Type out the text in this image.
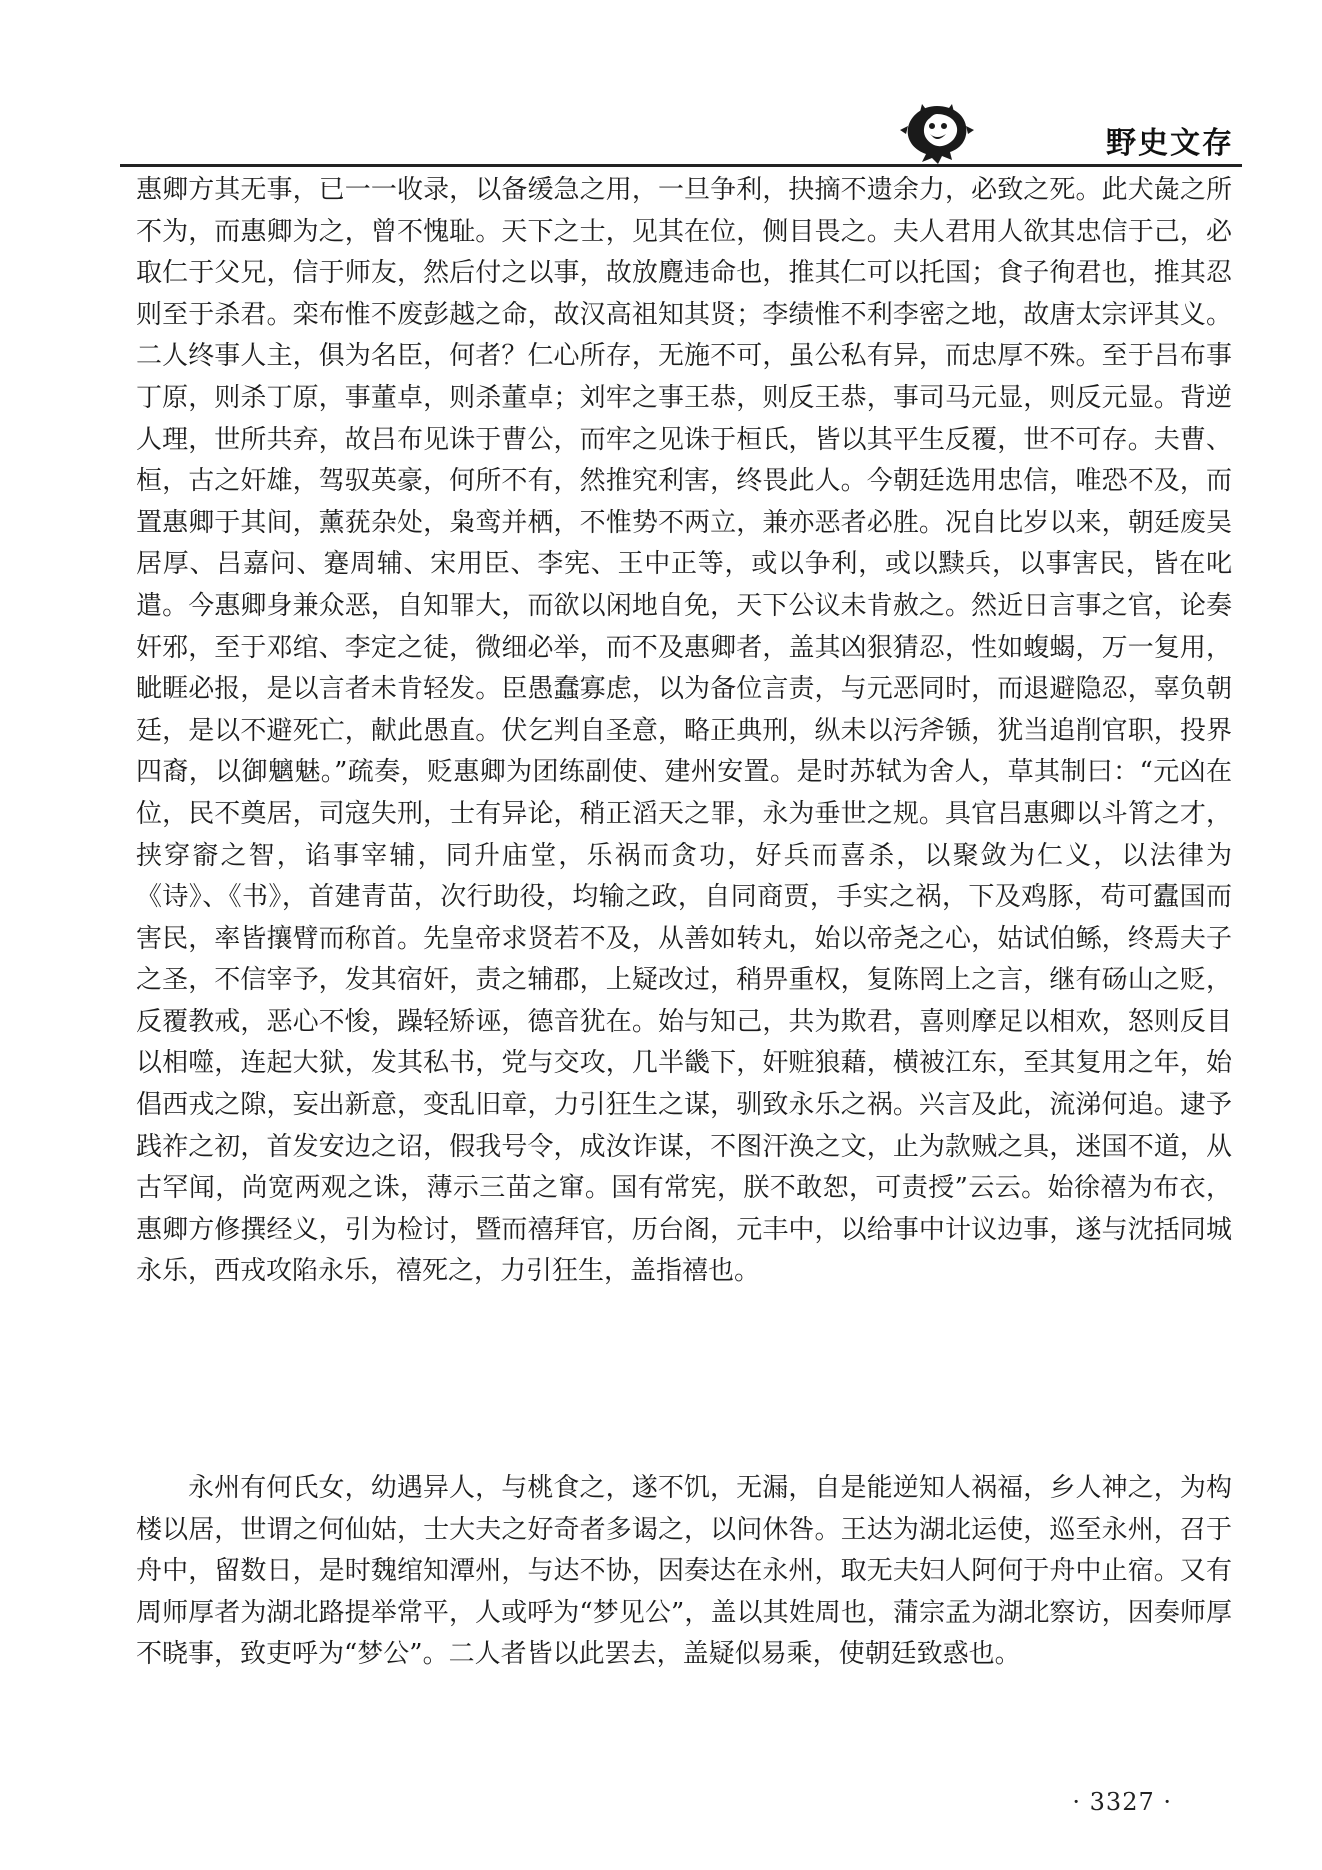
野史文存
惠卿方其无事，已一一收录，以备缓急之用，一旦争利，抉摘不遗余力，必致之死。此犬彘之所不为，而惠卿为之，曾不愧耻。天下之士，见其在位，侧目畏之。夫人君用人欲其忠信于己，必取仁于父兄，信于师友，然后付之以事，故放麑违命也，推其仁可以托国；食子徇君也，推其忍则至于杀君。栾布惟不废彭越之命，故汉高祖知其贤；李绩惟不利李密之地，故唐太宗评其义。二人终事人主，俱为名臣，何者？仁心所存，无施不可，虽公私有异，而忠厚不殊。至于吕布事丁原，则杀丁原，事董卓，则杀董卓；刘牢之事王恭，则反王恭，事司马元显，则反元显。背逆人理，世所共弃，故吕布见诛于曹公，而牢之见诛于桓氏，皆以其平生反覆，世不可存。夫曹、桓，古之奸雄，驾驭英豪，何所不有，然推究利害，终畏此人。今朝廷选用忠信，唯恐不及，而置惠卿于其间，薰莸杂处，枭鸾并栖，不惟势不两立，兼亦恶者必胜。况自比岁以来，朝廷废吴居厚、吕嘉问、蹇周辅、宋用臣、李宪、王中正等，或以争利，或以黩兵，以事害民，皆在叱遣。今惠卿身兼众恶，自知罪大，而欲以闲地自免，天下公议未肯赦之。然近日言事之官，论奏奸邪，至于邓绾、李定之徒，微细必举，而不及惠卿者，盖其凶狠猜忍，性如蝮蝎，万一复用，眦睚必报，是以言者未肯轻发。臣愚蠢寡虑，以为备位言责，与元恶同时，而退避隐忍，辜负朝廷，是以不避死亡，献此愚直。伏乞判自圣意，略正典刑，纵未以污斧锧，犹当追削官职，投界四裔，以御魑魅。”疏奏，贬惠卿为团练副使、建州安置。是时苏轼为舍人，草其制曰：“元凶在位，民不奠居，司寇失刑，士有异论，稍正滔天之罪，永为垂世之规。具官吕惠卿以斗筲之才，挟穿窬之智，谄事宰辅，同升庙堂，乐祸而贪功，好兵而喜杀，以聚敛为仁义，以法律为《诗》、《书》，首建青苗，次行助役，均输之政，自同商贾，手实之祸，下及鸡豚，苟可蠹国而害民，率皆攘臂而称首。先皇帝求贤若不及，从善如转丸，始以帝尧之心，姑试伯鲧，终焉夫子之圣，不信宰予，发其宿奸，责之辅郡，上疑改过，稍畀重权，复陈罔上之言，继有砀山之贬，反覆教戒，恶心不悛，躁轻矫诬，德音犹在。始与知己，共为欺君，喜则摩足以相欢，怒则反目以相噬，连起大狱，发其私书，党与交攻，几半畿下，奸赃狼藉，横被江东，至其复用之年，始倡西戎之隙，妄出新意，变乱旧章，力引狂生之谋，驯致永乐之祸。兴言及此，流涕何追。逮予践祚之初，首发安边之诏，假我号令，成汝诈谋，不图汗涣之文，止为款贼之具，迷国不道，从古罕闻，尚宽两观之诛，薄示三苗之窜。国有常宪，朕不敢恕，可责授”云云。始徐禧为布衣，惠卿方修撰经义，引为检讨，暨而禧拜官，历台阁，元丰中，以给事中计议边事，遂与沈括同城永乐，西戎攻陷永乐，禧死之，力引狂生，盖指禧也。
永州有何氏女，幼遇异人，与桃食之，遂不饥，无漏，自是能逆知人祸福，乡人神之，为构楼以居，世谓之何仙姑，士大夫之好奇者多谒之，以问休咎。王达为湖北运使，巡至永州，召于舟中，留数日，是时魏绾知潭州，与达不协，因奏达在永州，取无夫妇人阿何于舟中止宿。又有周师厚者为湖北路提举常平，人或呼为“梦见公”，盖以其姓周也，蒲宗孟为湖北察访，因奏师厚不晓事，致吏呼为“梦公”。二人者皆以此罢去，盖疑似易乘，使朝廷致惑也。
· 3327 ·
